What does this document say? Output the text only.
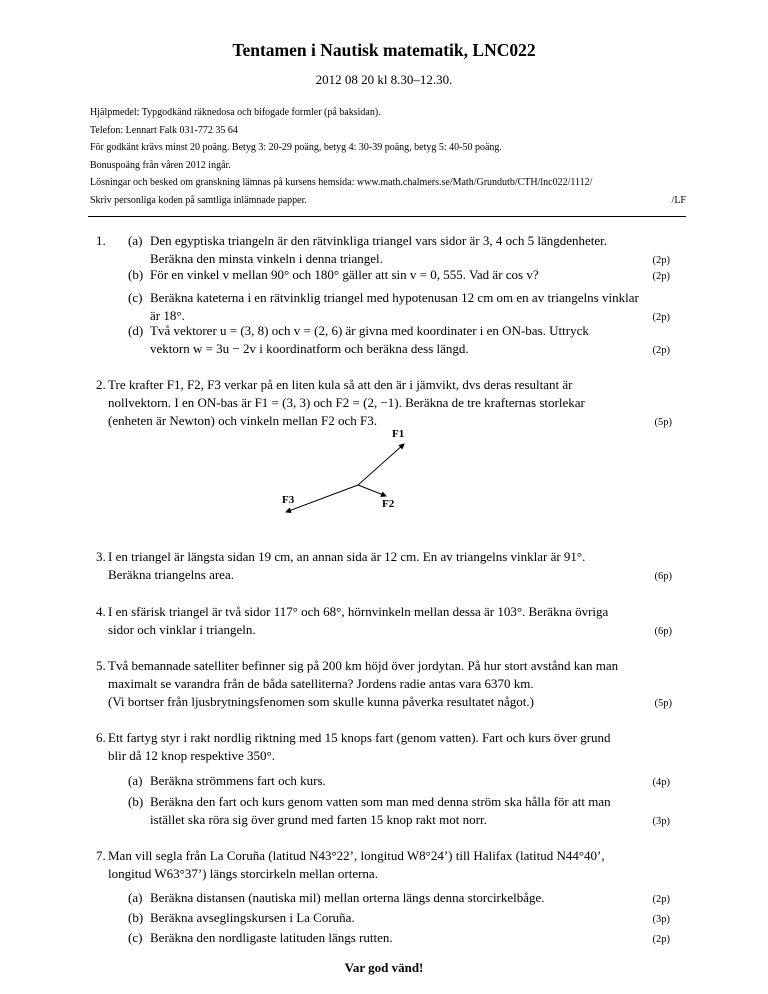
Tentamen i Nautisk matematik, LNC022
2012 08 20 kl 8.30–12.30.
Hjälpmedel: Typgodkänd räknedosa och bifogade formler (på baksidan).
Telefon: Lennart Falk 031-772 35 64
För godkänt krävs minst 20 poäng. Betyg 3: 20-29 poäng, betyg 4: 30-39 poäng, betyg 5: 40-50 poäng.
Bonuspoäng från våren 2012 ingår.
Lösningar och besked om granskning lämnas på kursens hemsida: www.math.chalmers.se/Math/Grundutb/CTH/lnc022/1112/
Skriv personliga koden på samtliga inlämnade papper.	/LF
1.	(a) Den egyptiska triangeln är den rätvinkliga triangel vars sidor är 3, 4 och 5 längdenheter.
Beräkna den minsta vinkeln i denna triangel.	(2p)
(b) För en vinkel v mellan 90° och 180° gäller att sin v = 0, 555. Vad är cos v?	(2p)
(c) Beräkna kateterna i en rätvinklig triangel med hypotenusan 12 cm om en av triangelns vinklar
är 18°.	(2p)
(d) Två vektorer u = (3, 8) och v = (2, 6) är givna med koordinater i en ON-bas. Uttryck
vektorn w = 3u − 2v i koordinatform och beräkna dess längd.	(2p)
2. Tre krafter F1, F2, F3 verkar på en liten kula så att den är i jämvikt, dvs deras resultant är
nollvektorn. I en ON-bas är F1 = (3, 3) och F2 = (2, −1). Beräkna de tre krafternas storlekar
(enheten är Newton) och vinkeln mellan F2 och F3.	(5p)
F1
F2
F3
3. I en triangel är längsta sidan 19 cm, an annan sida är 12 cm. En av triangelns vinklar är 91°.
Beräkna triangelns area.	(6p)
4. I en sfärisk triangel är två sidor 117° och 68°, hörnvinkeln mellan dessa är 103°. Beräkna övriga
sidor och vinklar i triangeln.	(6p)
5. Två bemannade satelliter befinner sig på 200 km höjd över jordytan. På hur stort avstånd kan man
maximalt se varandra från de båda satelliterna? Jordens radie antas vara 6370 km.
(Vi bortser från ljusbrytningsfenomen som skulle kunna påverka resultatet något.)	(5p)
6. Ett fartyg styr i rakt nordlig riktning med 15 knops fart (genom vatten). Fart och kurs över grund
blir då 12 knop respektive 350°.
(a) Beräkna strömmens fart och kurs.	(4p)
(b) Beräkna den fart och kurs genom vatten som man med denna ström ska hålla för att man
istället ska röra sig över grund med farten 15 knop rakt mot norr.	(3p)
7. Man vill segla från La Coruña (latitud N43°22’, longitud W8°24’) till Halifax (latitud N44°40’,
longitud W63°37’) längs storcirkeln mellan orterna.
(a) Beräkna distansen (nautiska mil) mellan orterna längs denna storcirkelbåge.	(2p)
(b) Beräkna avseglingskursen i La Coruña.	(3p)
(c) Beräkna den nordligaste latituden längs rutten.	(2p)
Var god vänd!
